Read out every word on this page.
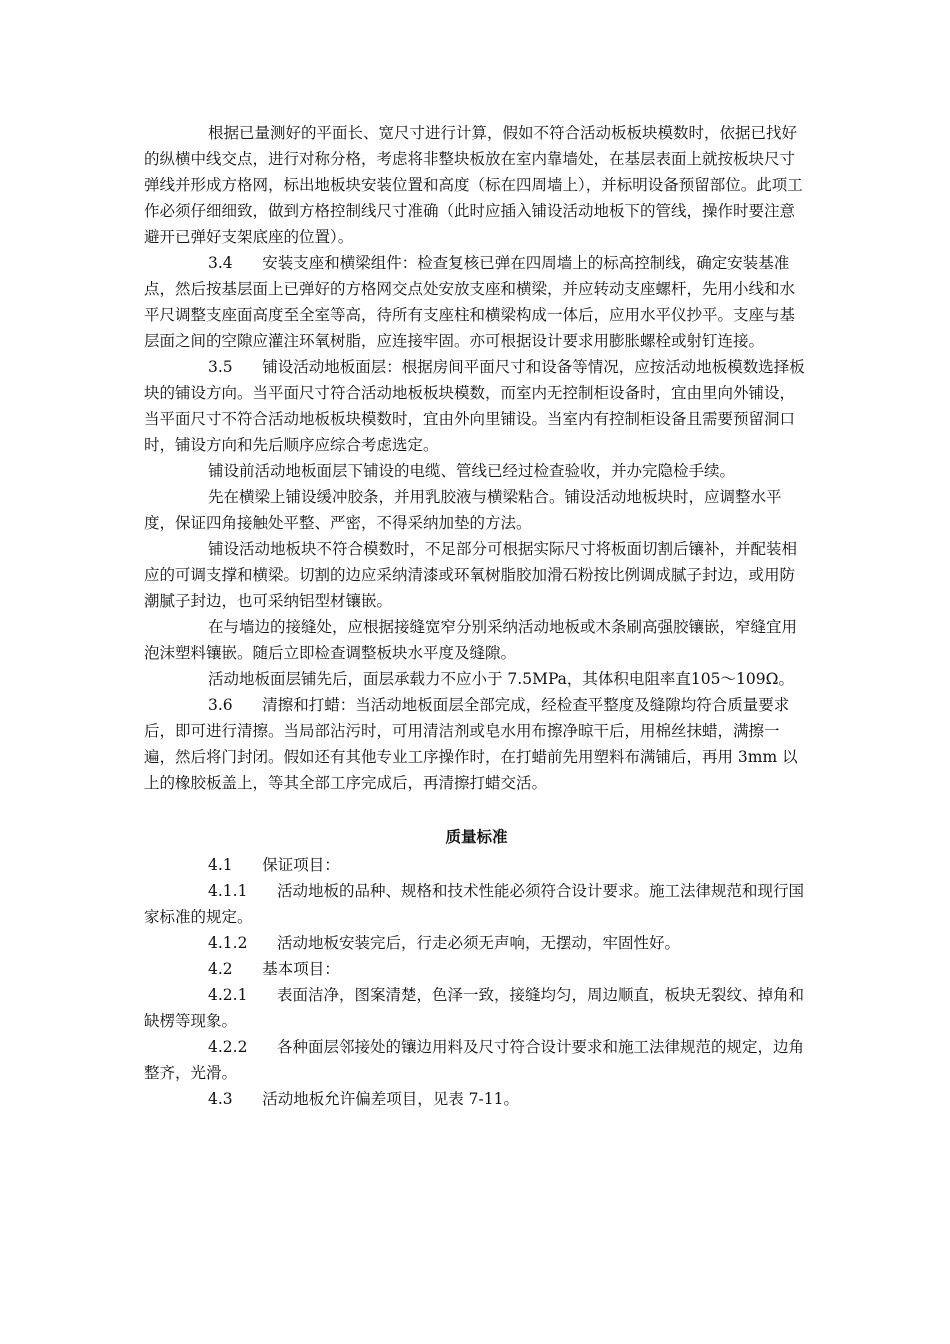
根据已量测好的平面长、宽尺寸进行计算，假如不符合活动板板块模数时，依据已找好的纵横中线交点，进行对称分格，考虑将非整块板放在室内靠墙处，在基层表面上就按板块尺寸弹线并形成方格网，标出地板块安装位置和高度（标在四周墙上），并标明设备预留部位。此项工作必须仔细细致，做到方格控制线尺寸准确（此时应插入铺设活动地板下的管线，操作时要注意避开已弹好支架底座的位置）。

3.4      安装支座和横梁组件：检查复核已弹在四周墙上的标高控制线，确定安装基准点，然后按基层面上已弹好的方格网交点处安放支座和横梁，并应转动支座螺杆，先用小线和水平尺调整支座面高度至全室等高，待所有支座柱和横梁构成一体后，应用水平仪抄平。支座与基层面之间的空隙应灌注环氧树脂，应连接牢固。亦可根据设计要求用膨胀螺栓或射钉连接。

3.5      铺设活动地板面层：根据房间平面尺寸和设备等情况，应按活动地板模数选择板块的铺设方向。当平面尺寸符合活动地板板块模数，而室内无控制柜设备时，宜由里向外铺设，当平面尺寸不符合活动地板板块模数时，宜由外向里铺设。当室内有控制柜设备且需要预留洞口时，铺设方向和先后顺序应综合考虑选定。

铺设前活动地板面层下铺设的电缆、管线已经过检查验收，并办完隐检手续。

先在横梁上铺设缓冲胶条，并用乳胶液与横梁粘合。铺设活动地板块时，应调整水平度，保证四角接触处平整、严密，不得采纳加垫的方法。

铺设活动地板块不符合模数时，不足部分可根据实际尺寸将板面切割后镶补，并配装相应的可调支撑和横梁。切割的边应采纳清漆或环氧树脂胶加滑石粉按比例调成腻子封边，或用防潮腻子封边，也可采纳铝型材镶嵌。

在与墙边的接缝处，应根据接缝宽窄分别采纳活动地板或木条刷高强胶镶嵌，窄缝宜用泡沫塑料镶嵌。随后立即检查调整板块水平度及缝隙。

活动地板面层铺先后，面层承载力不应小于 7.5MPa，其体积电阻率直105～109Ω。

3.6      清擦和打蜡：当活动地板面层全部完成，经检查平整度及缝隙均符合质量要求后，即可进行清擦。当局部沾污时，可用清洁剂或皂水用布擦净晾干后，用棉丝抹蜡，满擦一遍，然后将门封闭。假如还有其他专业工序操作时，在打蜡前先用塑料布满铺后，再用 3mm 以上的橡胶板盖上，等其全部工序完成后，再清擦打蜡交活。

质量标准

4.1      保证项目：

4.1.1      活动地板的品种、规格和技术性能必须符合设计要求。施工法律规范和现行国家标准的规定。

4.1.2      活动地板安装完后，行走必须无声响，无摆动，牢固性好。

4.2      基本项目：

4.2.1      表面洁净，图案清楚，色泽一致，接缝均匀，周边顺直，板块无裂纹、掉角和缺楞等现象。

4.2.2      各种面层邻接处的镶边用料及尺寸符合设计要求和施工法律规范的规定，边角整齐，光滑。

4.3      活动地板允许偏差项目，见表 7-11。
